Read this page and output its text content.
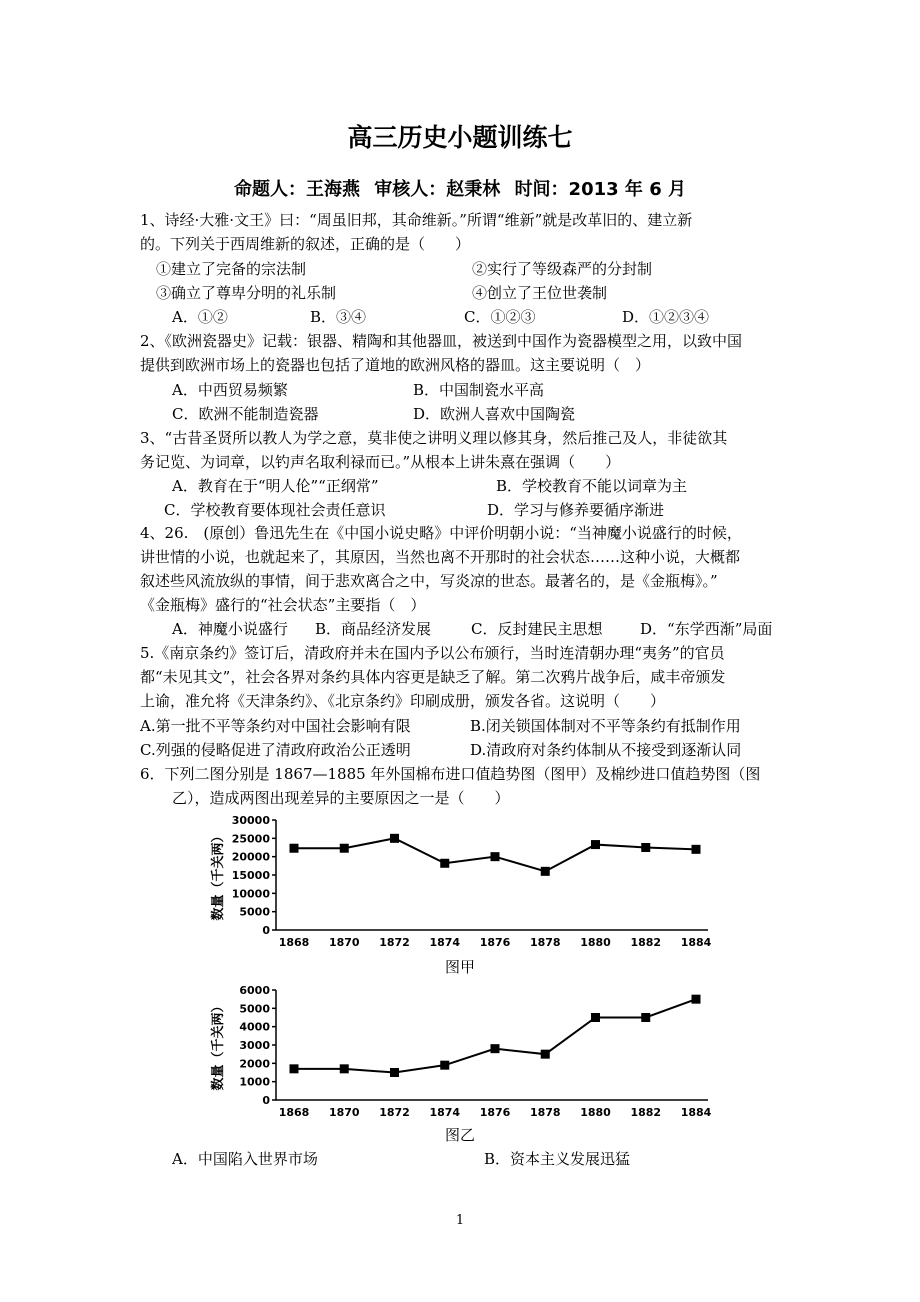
高三历史小题训练七
命题人：王海燕 审核人：赵秉林 时间：2013 年 6 月
1、诗经·大雅·文王》曰：“周虽旧邦，其命维新。”所谓“维新”就是改革旧的、建立新
的。下列关于西周维新的叙述，正确的是（　　）
①建立了完备的宗法制	②实行了等级森严的分封制
③确立了尊卑分明的礼乐制	④创立了王位世袭制
A．①②	B．③④	C．①②③	D．①②③④
2、《欧洲瓷器史》记载：银器、精陶和其他器皿，被送到中国作为瓷器模型之用，以致中国
提供到欧洲市场上的瓷器也包括了道地的欧洲风格的器皿。这主要说明（　）
A．中西贸易频繁	B．中国制瓷水平高
C．欧洲不能制造瓷器	D．欧洲人喜欢中国陶瓷
3、“古昔圣贤所以教人为学之意，莫非使之讲明义理以修其身，然后推己及人，非徒欲其
务记览、为词章，以钓声名取利禄而已。”从根本上讲朱熹在强调（　　）
A．教育在于“明人伦”“正纲常”	B．学校教育不能以词章为主
C．学校教育要体现社会责任意识	D．学习与修养要循序渐进
4、26.　(原创）鲁迅先生在《中国小说史略》中评价明朝小说：“当神魔小说盛行的时候，
讲世情的小说，也就起来了，其原因，当然也离不开那时的社会状态……这种小说，大概都
叙述些风流放纵的事情，间于悲欢离合之中，写炎凉的世态。最著名的，是《金瓶梅》。”
《金瓶梅》盛行的“社会状态”主要指（　）
A．神魔小说盛行 B．商品经济发展	C．反封建民主思想	D．“东学西渐”局面
5.《南京条约》签订后，清政府并未在国内予以公布颁行，当时连清朝办理“夷务”的官员
都“未见其文”，社会各界对条约具体内容更是缺乏了解。第二次鸦片战争后，咸丰帝颁发
上谕，准允将《天津条约》、《北京条约》印刷成册，颁发各省。这说明（　　）
A.第一批不平等条约对中国社会影响有限	B.闭关锁国体制对不平等条约有抵制作用
C.列强的侵略促进了清政府政治公正透明	D.清政府对条约体制从不接受到逐渐认同
6．下列二图分别是 1867—1885 年外国棉布进口值趋势图（图甲）及棉纱进口值趋势图（图
乙），造成两图出现差异的主要原因之一是（　　）
0
5000
10000
15000
20000
25000
30000
1868 1870 1872 1874 1876 1878 1880 1882 1884
数量（千关两）
图甲
0
1000
2000
3000
4000
5000
6000
1868 1870 1872 1874 1876 1878 1880 1882 1884
数量（千关两）
图乙
A．中国陷入世界市场	B．资本主义发展迅猛
1
